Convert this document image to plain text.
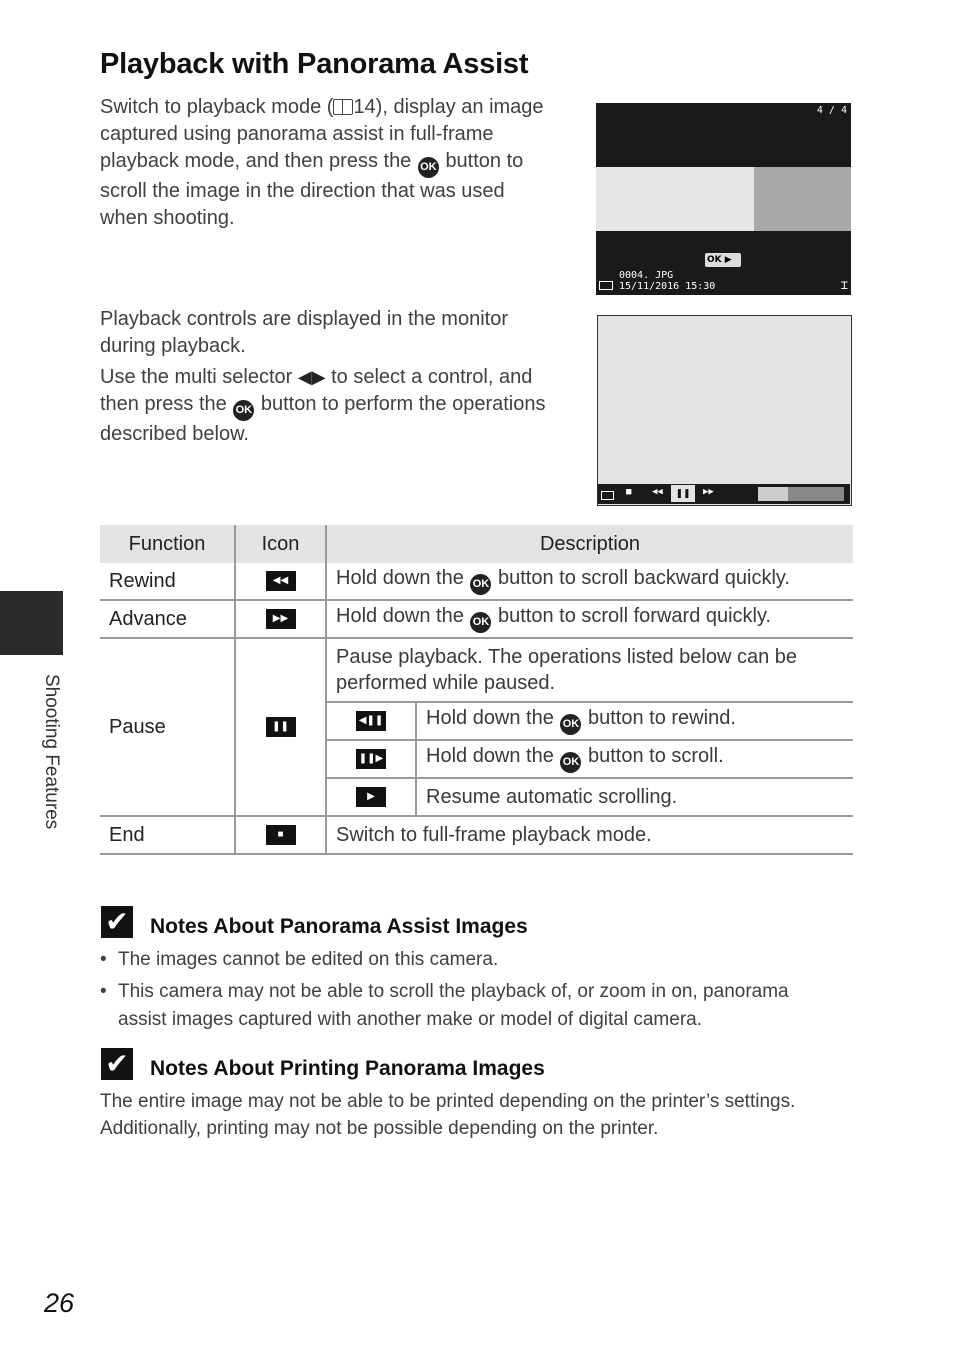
Playback with Panorama Assist
Switch to playback mode ( 14), display an image captured using panorama assist in full-frame playback mode, and then press the OK button to scroll the image in the direction that was used when shooting.
4 / 4
OK ▶
0004. JPG
15/11/2016 15:30	⌶
Playback controls are displayed in the monitor during playback.
Use the multi selector ◀▶ to select a control, and then press the OK button to perform the operations described below.
■ ◀◀	❚❚	▶▶
Function	Icon	Description	
Rewind	◀◀	Hold down the OK button to scroll backward quickly.	
Advance	▶▶	Hold down the OK button to scroll forward quickly.	
Pause	❚❚	Pause playback. The operations listed below can be performed while paused.	
		◀❚❚	Hold down the OK button to rewind.
		❚❚▶	Hold down the OK button to scroll.
		▶	Resume automatic scrolling.
End	■	Switch to full-frame playback mode.	
Shooting Features
✔ Notes About Panorama Assist Images
• The images cannot be edited on this camera.
• This camera may not be able to scroll the playback of, or zoom in on, panorama assist images captured with another make or model of digital camera.
✔ Notes About Printing Panorama Images
The entire image may not be able to be printed depending on the printer’s settings. Additionally, printing may not be possible depending on the printer.
26
